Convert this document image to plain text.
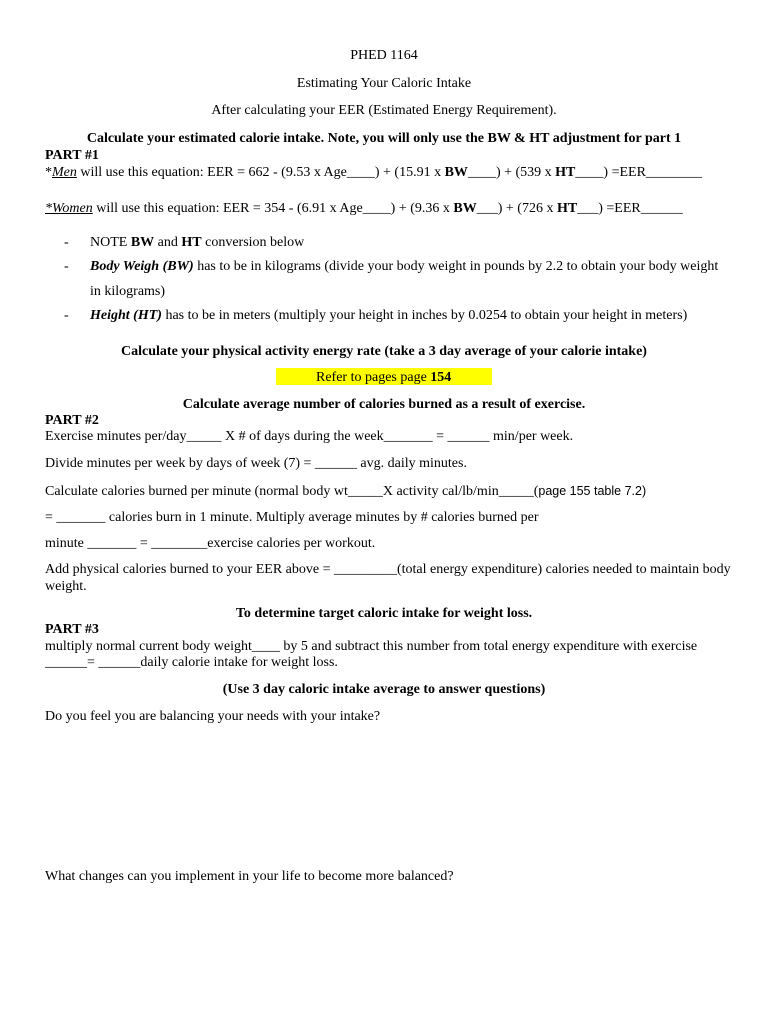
PHED 1164
Estimating Your Caloric Intake
After calculating your EER (Estimated Energy Requirement).
Calculate your estimated calorie intake. Note, you will only use the BW & HT adjustment for part 1
PART #1
*Men will use this equation: EER = 662 - (9.53 x Age____) + (15.91 x BW____) + (539 x HT____) =EER________
*Women will use this equation: EER = 354 - (6.91 x Age____) + (9.36 x BW___) + (726 x HT___) =EER______
- NOTE BW and HT conversion below
- Body Weigh (BW) has to be in kilograms (divide your body weight in pounds by 2.2 to obtain your body weight
in kilograms)
- Height (HT) has to be in meters (multiply your height in inches by 0.0254 to obtain your height in meters)
Calculate your physical activity energy rate (take a 3 day average of your calorie intake)
Refer to pages page 154
Calculate average number of calories burned as a result of exercise.
PART #2
Exercise minutes per/day_____ X # of days during the week_______ = ______ min/per week.
Divide minutes per week by days of week (7) = ______ avg. daily minutes.
Calculate calories burned per minute (normal body wt_____X activity cal/lb/min_____(page 155 table 7.2)
= _______ calories burn in 1 minute. Multiply average minutes by # calories burned per
minute _______ = ________exercise calories per workout.
Add physical calories burned to your EER above = _________(total energy expenditure) calories needed to maintain body
weight.
To determine target caloric intake for weight loss.
PART #3
multiply normal current body weight____ by 5 and subtract this number from total energy expenditure with exercise
______= ______daily calorie intake for weight loss.
(Use 3 day caloric intake average to answer questions)
Do you feel you are balancing your needs with your intake?
What changes can you implement in your life to become more balanced?
